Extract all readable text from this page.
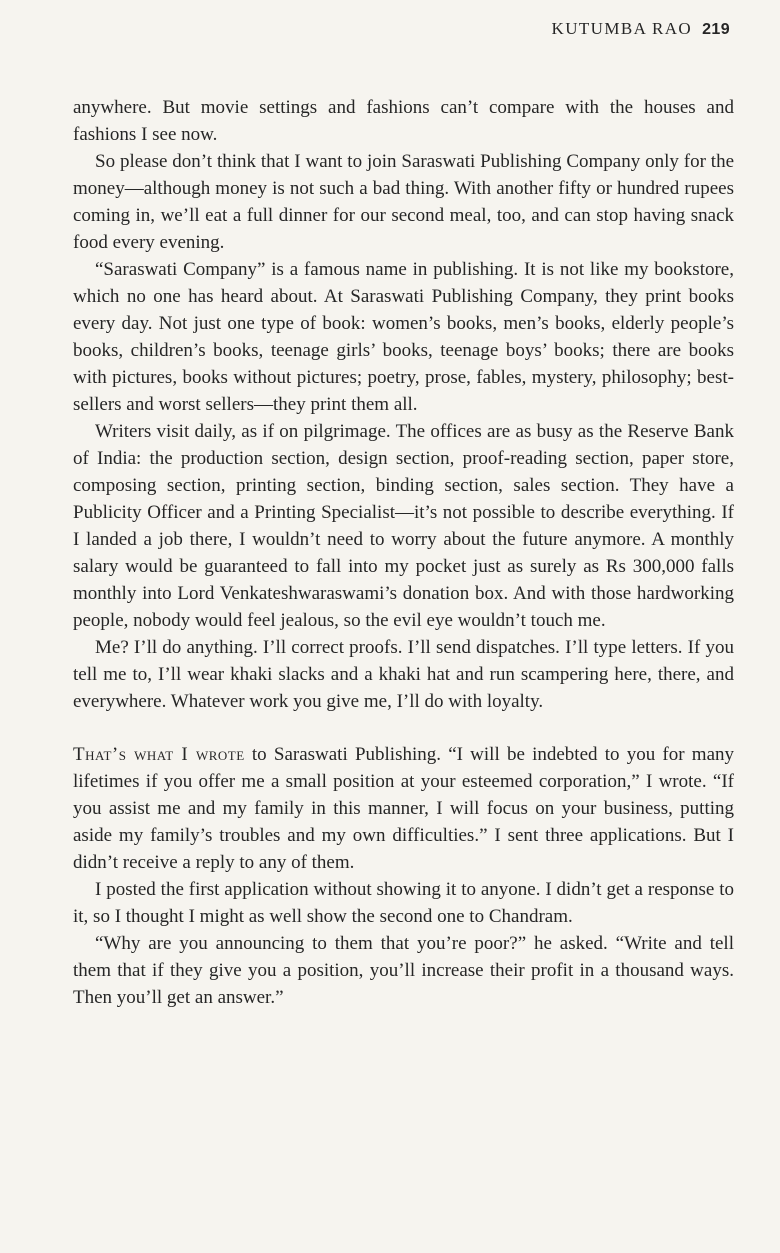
KUTUMBA RAO 219

anywhere. But movie settings and fashions can’t compare with the houses and fashions I see now.

So please don’t think that I want to join Saraswati Publishing Company only for the money—although money is not such a bad thing. With another fifty or hundred rupees coming in, we’ll eat a full dinner for our second meal, too, and can stop having snack food every evening.

“Saraswati Company” is a famous name in publishing. It is not like my bookstore, which no one has heard about. At Saraswati Publishing Company, they print books every day. Not just one type of book: women’s books, men’s books, elderly people’s books, children’s books, teenage girls’ books, teenage boys’ books; there are books with pictures, books without pictures; poetry, prose, fables, mystery, philosophy; best-sellers and worst sellers—they print them all.

Writers visit daily, as if on pilgrimage. The offices are as busy as the Reserve Bank of India: the production section, design section, proof-reading section, paper store, composing section, printing section, binding section, sales section. They have a Publicity Officer and a Printing Specialist—it’s not possible to describe everything. If I landed a job there, I wouldn’t need to worry about the future anymore. A monthly salary would be guaranteed to fall into my pocket just as surely as Rs 300,000 falls monthly into Lord Venkateshwaraswami’s donation box. And with those hardworking people, nobody would feel jealous, so the evil eye wouldn’t touch me.

Me? I’ll do anything. I’ll correct proofs. I’ll send dispatches. I’ll type letters. If you tell me to, I’ll wear khaki slacks and a khaki hat and run scampering here, there, and everywhere. Whatever work you give me, I’ll do with loyalty.

That’s what I wrote to Saraswati Publishing. “I will be indebted to you for many lifetimes if you offer me a small position at your esteemed corporation,” I wrote. “If you assist me and my family in this manner, I will focus on your business, putting aside my family’s troubles and my own difficulties.” I sent three applications. But I didn’t receive a reply to any of them.

I posted the first application without showing it to anyone. I didn’t get a response to it, so I thought I might as well show the second one to Chandram.

“Why are you announcing to them that you’re poor?” he asked. “Write and tell them that if they give you a position, you’ll increase their profit in a thousand ways. Then you’ll get an answer.”
